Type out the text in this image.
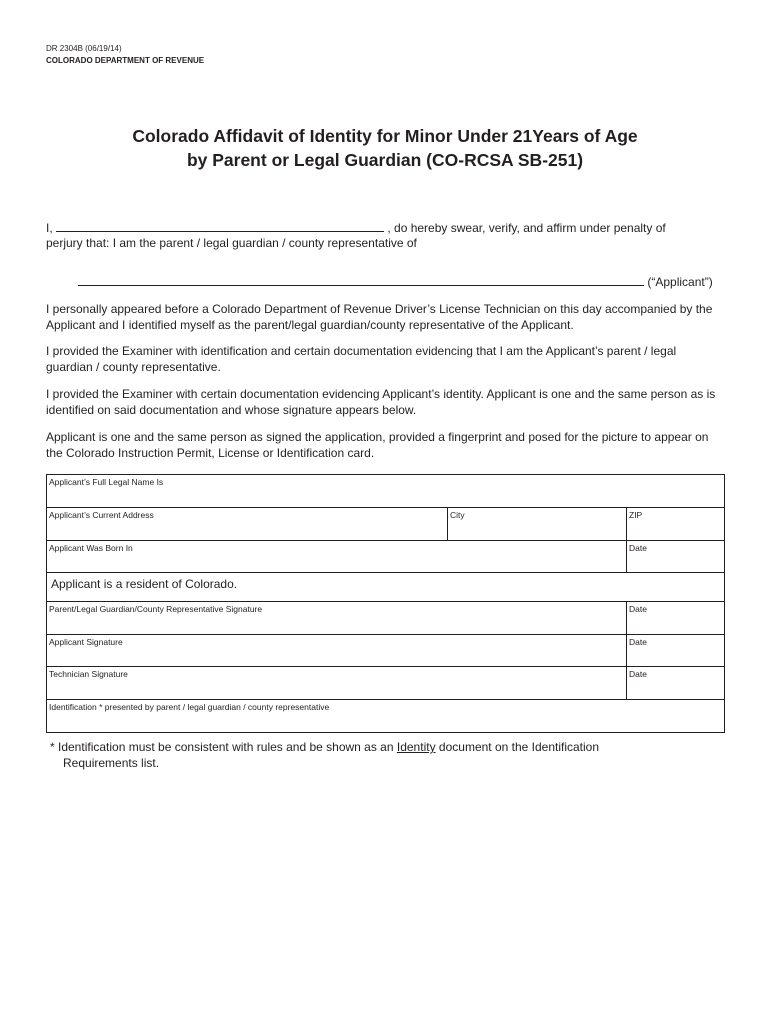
DR 2304B (06/19/14)
COLORADO DEPARTMENT OF REVENUE
Colorado Affidavit of Identity for Minor Under 21Years of Age
by Parent or Legal Guardian (CO-RCSA SB-251)
I,	, do hereby swear, verify, and affirm under penalty of
perjury that: I am the parent / legal guardian / county representative of
(“Applicant”)
I personally appeared before a Colorado Department of Revenue Driver’s License Technician on this day accompanied by the Applicant and I identified myself as the parent/legal guardian/county representative of the Applicant.
I provided the Examiner with identification and certain documentation evidencing that I am the Applicant’s parent / legal guardian / county representative.
I provided the Examiner with certain documentation evidencing Applicant’s identity. Applicant is one and the same person as is identified on said documentation and whose signature appears below.
Applicant is one and the same person as signed the application, provided a fingerprint and posed for the picture to appear on the Colorado Instruction Permit, License or Identification card.
Applicant’s Full Legal Name Is		
Applicant’s Current Address	City	ZIP
Applicant Was Born In		Date
Applicant is a resident of Colorado.		
Parent/Legal Guardian/County Representative Signature		Date
Applicant Signature		Date
Technician Signature		Date
Identification * presented by parent / legal guardian / county representative		
* Identification must be consistent with rules and be shown as an Identity document on the Identification
Requirements list.
